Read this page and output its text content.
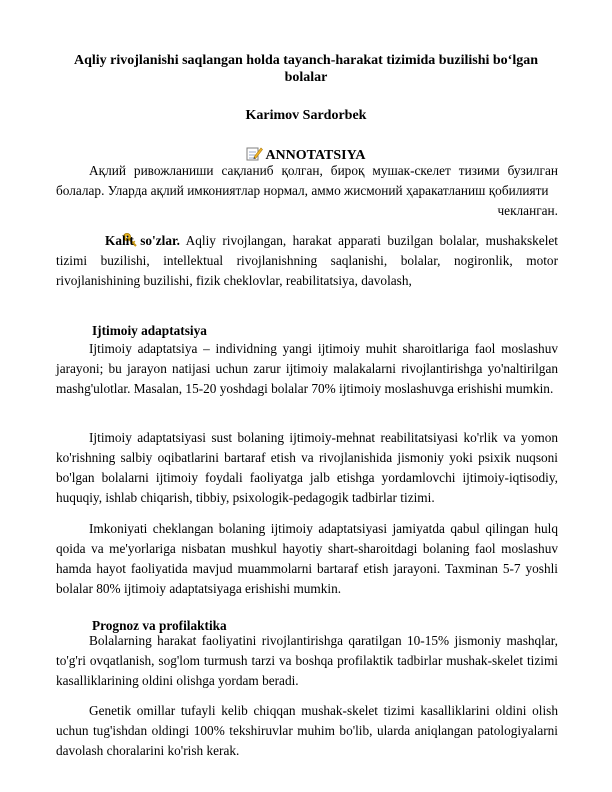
Aqliy rivojlanishi saqlangan holda tayanch-harakat tizimida buzilishi bo‘lgan bolalar
Karimov Sardorbek
ANNOTATSIYA
Ақлий ривожланиши сақланиб қолган, бироқ мушак-скелет тизими бузилган болалар. Уларда ақлий имкониятлар нормал, аммо жисмоний ҳаракатланиш қобилияти
чекланган.
Kalit so'zlar. Aqliy rivojlangan, harakat apparati buzilgan bolalar, mushakskelet tizimi buzilishi, intellektual rivojlanishning saqlanishi, bolalar, nogironlik, motor rivojlanishining buzilishi, fizik cheklovlar, reabilitatsiya, davolash,
Ijtimoiy adaptatsiya
Ijtimoiy adaptatsiya – individning yangi ijtimoiy muhit sharoitlariga faol moslashuv jarayoni; bu jarayon natijasi uchun zarur ijtimoiy malakalarni rivojlantirishga yo'naltirilgan mashg'ulotlar. Masalan, 15-20 yoshdagi bolalar 70% ijtimoiy moslashuvga erishishi mumkin.
Ijtimoiy adaptatsiyasi sust bolaning ijtimoiy-mehnat reabilitatsiyasi ko'rlik va yomon ko'rishning salbiy oqibatlarini bartaraf etish va rivojlanishida jismoniy yoki psixik nuqsoni bo'lgan bolalarni ijtimoiy foydali faoliyatga jalb etishga yordamlovchi ijtimoiy-iqtisodiy, huquqiy, ishlab chiqarish, tibbiy, psixologik-pedagogik tadbirlar tizimi.
Imkoniyati cheklangan bolaning ijtimoiy adaptatsiyasi jamiyatda qabul qilingan hulq qoida va me'yorlariga nisbatan mushkul hayotiy shart-sharoitdagi bolaning faol moslashuv hamda hayot faoliyatida mavjud muammolarni bartaraf etish jarayoni. Taxminan 5-7 yoshli bolalar 80% ijtimoiy adaptatsiyaga erishishi mumkin.
Prognoz va profilaktika
Bolalarning harakat faoliyatini rivojlantirishga qaratilgan 10-15% jismoniy mashqlar, to'g'ri ovqatlanish, sog'lom turmush tarzi va boshqa profilaktik tadbirlar mushak-skelet tizimi kasalliklarining oldini olishga yordam beradi.
Genetik omillar tufayli kelib chiqqan mushak-skelet tizimi kasalliklarini oldini olish uchun tug'ishdan oldingi 100% tekshiruvlar muhim bo'lib, ularda aniqlangan patologiyalarni davolash choralarini ko'rish kerak.
